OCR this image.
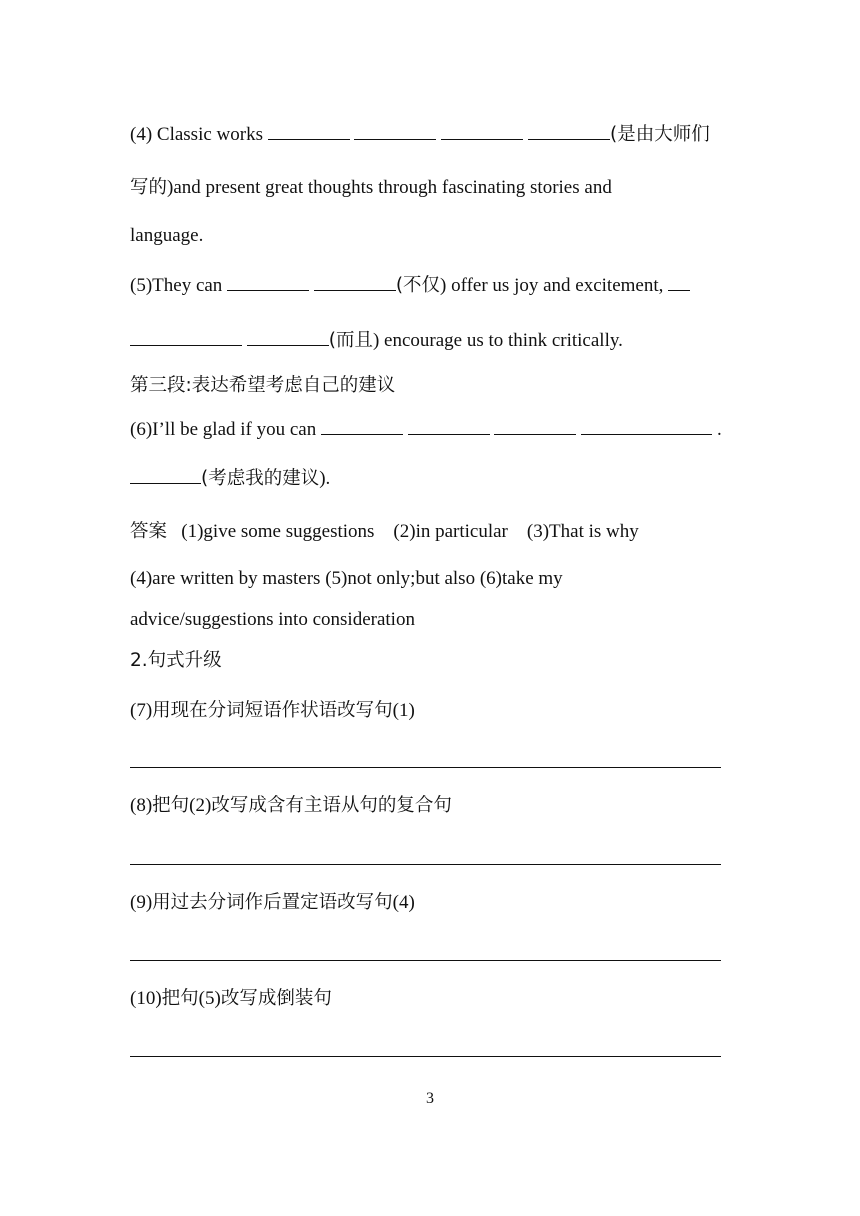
(4) Classic works	(是由大师们
写的)and present great thoughts through fascinating stories and
language.
(5)They can	(不仅) offer us joy and excitement,
(而且) encourage us to think critically.
第三段:表达希望考虑自己的建议
(6)I’ll be glad if you can	.
(考虑我的建议).
答案 (1)give some suggestions    (2)in particular    (3)That is why
(4)are written by masters (5)not only;but also (6)take my
advice/suggestions into consideration
2.句式升级
(7)用现在分词短语作状语改写句(1)
(8)把句(2)改写成含有主语从句的复合句
(9)用过去分词作后置定语改写句(4)
(10)把句(5)改写成倒装句
3
